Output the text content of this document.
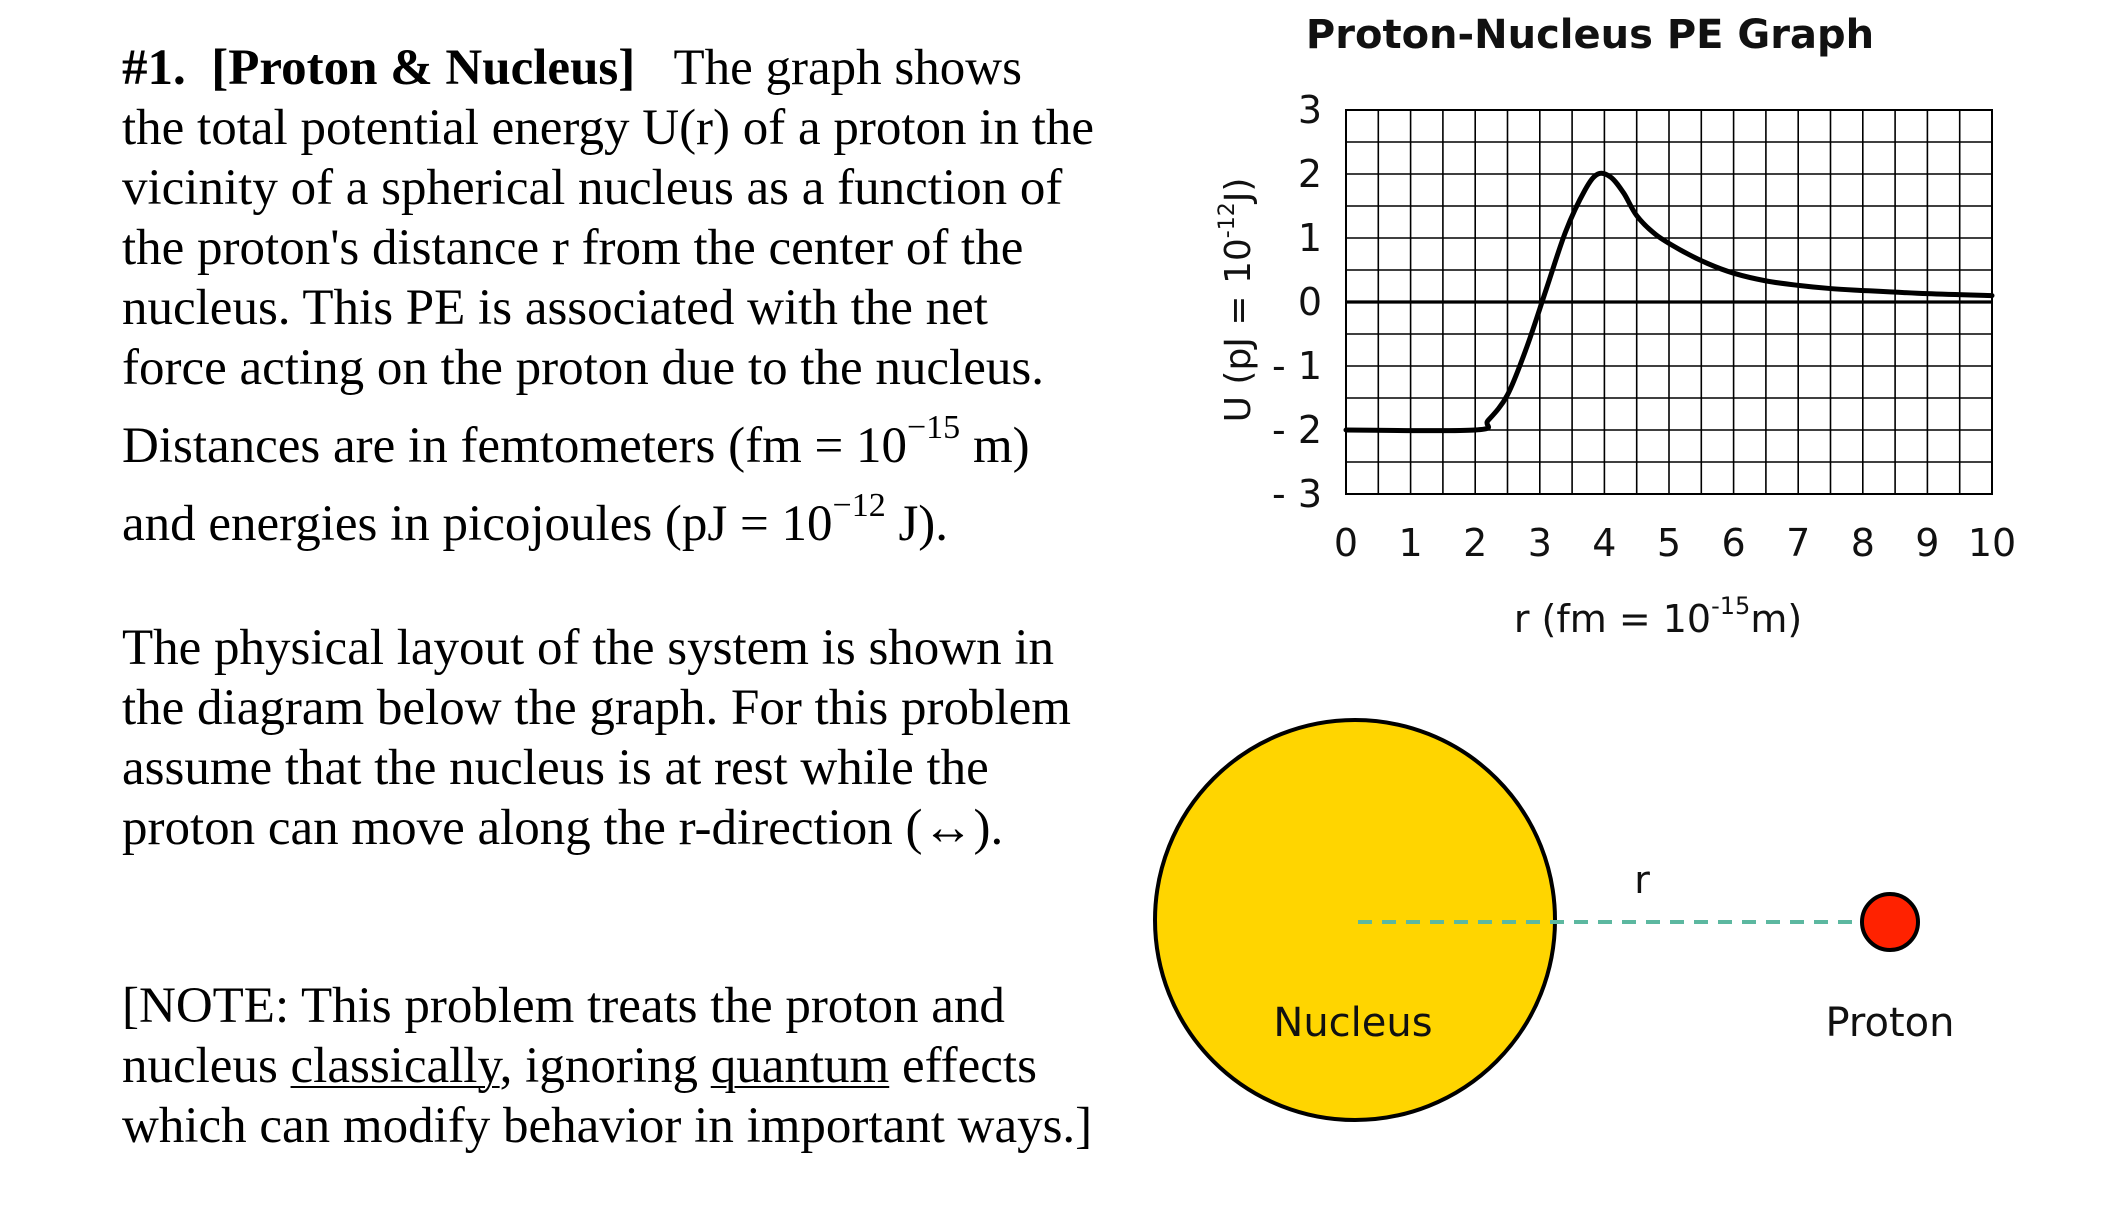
#1. [Proton & Nucleus] The graph shows

the total potential energy U(r) of a proton in the

vicinity of a spherical nucleus as a function of

the proton's distance r from the center of the

nucleus. This PE is associated with the net

force acting on the proton due to the nucleus.

Distances are in femtometers ($fm = 10^{-15}$ m)

and energies in picojoules ($pJ = 10^{-12}$ J).

The physical layout of the system is shown in

the diagram below the graph. For this problem

assume that the nucleus is at rest while the

proton can move along the r-direction (↔).

[NOTE: This problem treats the proton and

nucleus classically, ignoring quantum effects

which can modify behavior in important ways.]

Proton-Nucleus PE Graph
U $(pJ = 10^{-12}J)$
0 1 2 3 4 5 6 7 8 9 10
3
2
1
0
- 1
- 2
- 3
r $(fm = 10^{-15}m)$
Nucleus	Proton
r
